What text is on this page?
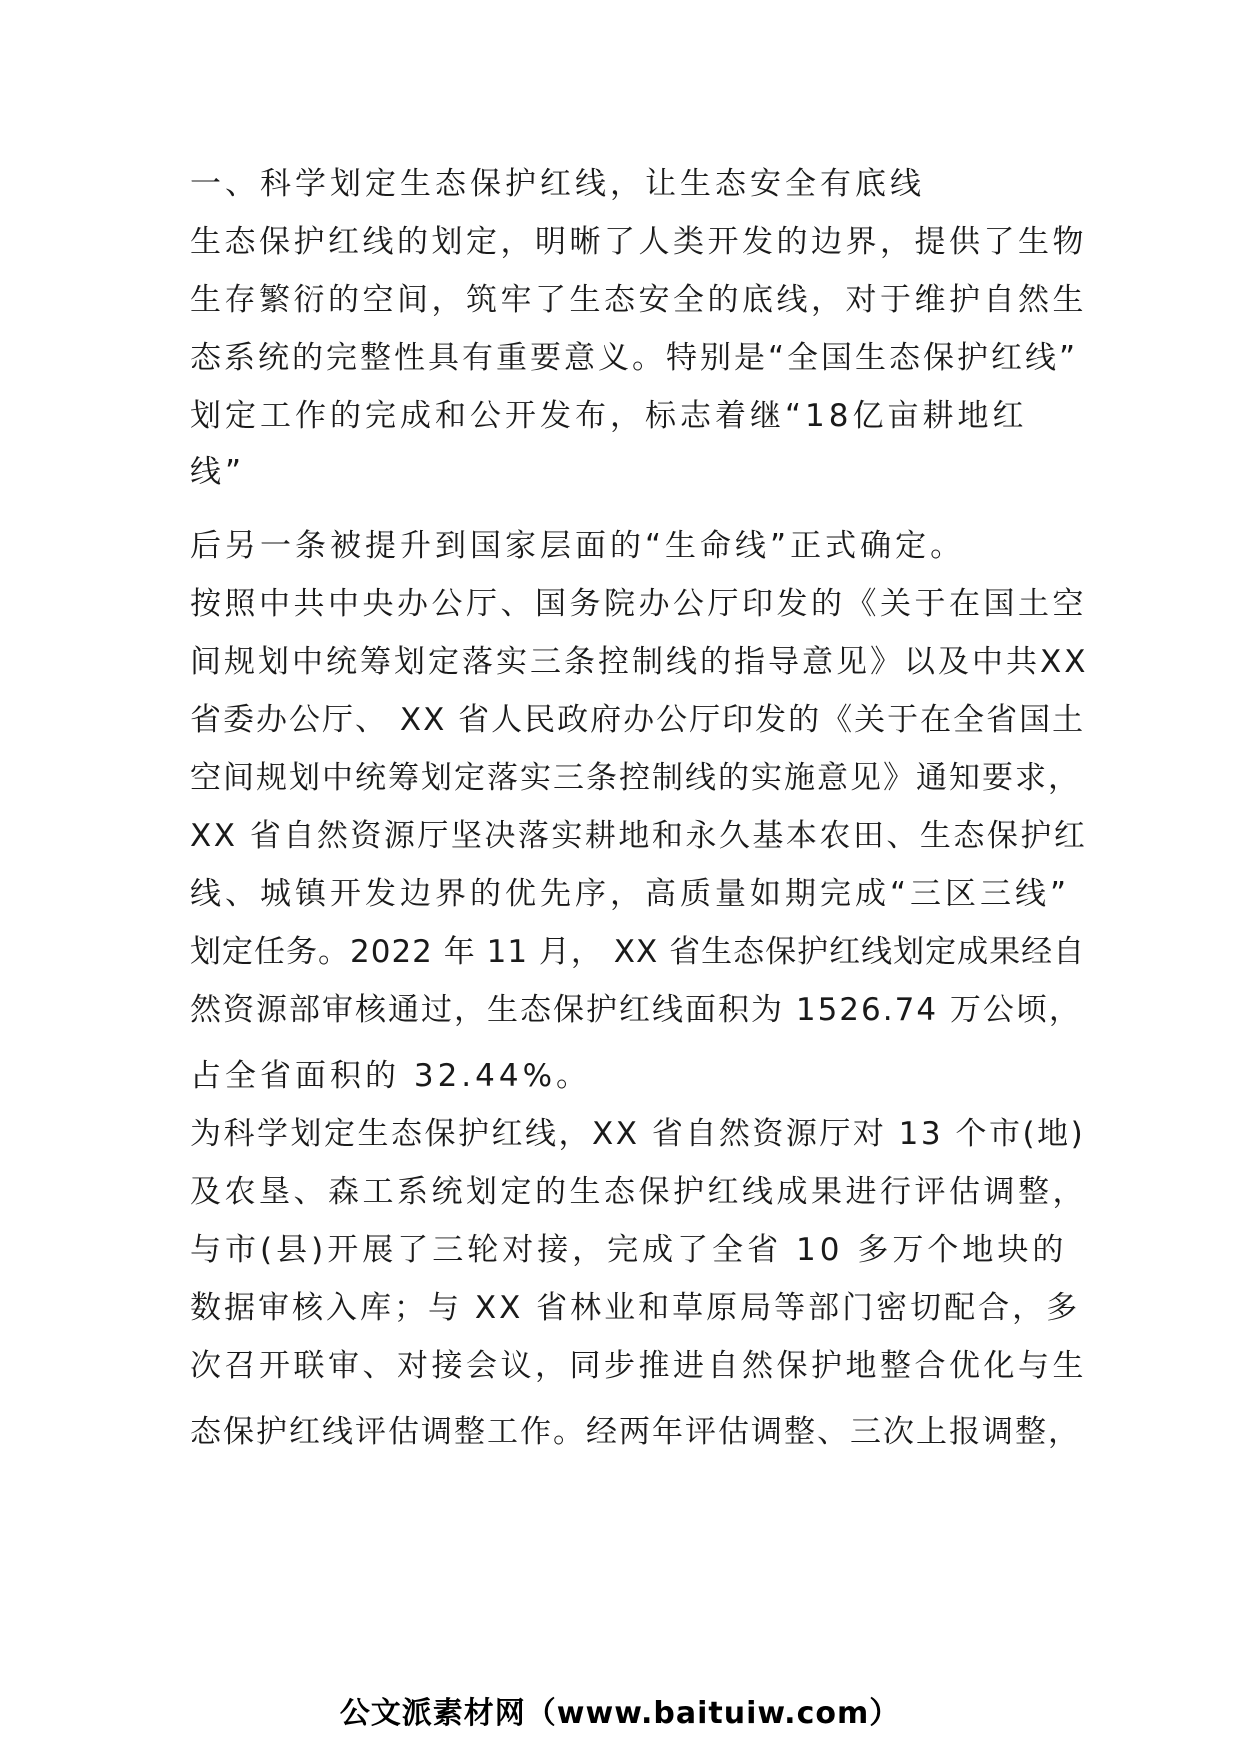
一、科学划定生态保护红线，让生态安全有底线
生态保护红线的划定，明晰了人类开发的边界，提供了生物
生存繁衍的空间，筑牢了生态安全的底线，对于维护自然生
态系统的完整性具有重要意义。特别是“全国生态保护红线”
划定工作的完成和公开发布，标志着继“18亿亩耕地红
线”
后另一条被提升到国家层面的“生命线”正式确定。
按照中共中央办公厅、国务院办公厅印发的《关于在国土空
间规划中统筹划定落实三条控制线的指导意见》以及中共XX
省委办公厅、 XX 省人民政府办公厅印发的《关于在全省国土
空间规划中统筹划定落实三条控制线的实施意见》通知要求，
XX 省自然资源厅坚决落实耕地和永久基本农田、生态保护红
线、城镇开发边界的优先序，高质量如期完成“三区三线”
划定任务。2022 年 11 月， XX 省生态保护红线划定成果经自
然资源部审核通过，生态保护红线面积为 1526.74 万公顷，
占全省面积的 32.44%。
为科学划定生态保护红线，XX 省自然资源厅对 13 个市(地)
及农垦、森工系统划定的生态保护红线成果进行评估调整，
与市(县)开展了三轮对接，完成了全省 10 多万个地块的
数据审核入库；与 XX 省林业和草原局等部门密切配合，多
次召开联审、对接会议，同步推进自然保护地整合优化与生
态保护红线评估调整工作。经两年评估调整、三次上报调整，
公文派素材网（www.baituiw.com）
